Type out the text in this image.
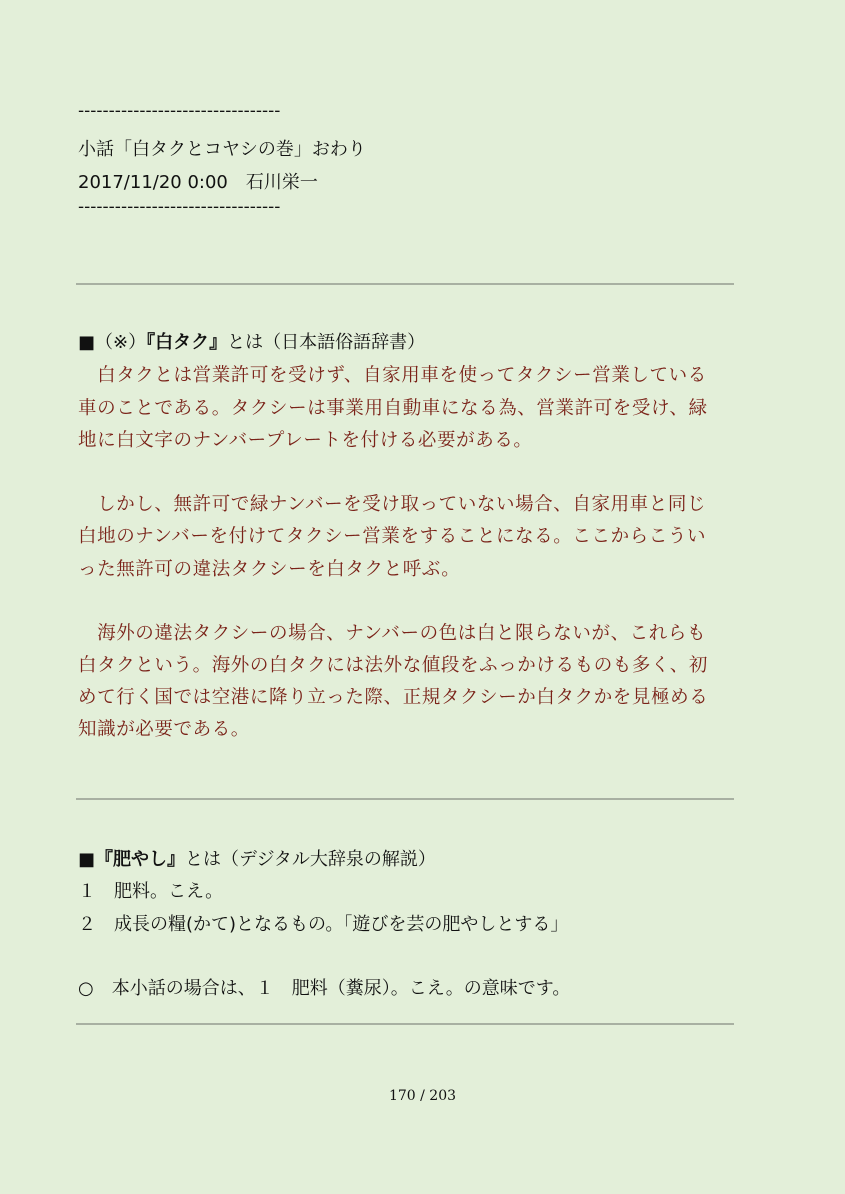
---------------------------------
小話「白タクとコヤシの巻」おわり
2017/11/20 0:00　石川栄一
---------------------------------
■（※）『白タク』とは（日本語俗語辞書）
　白タクとは営業許可を受けず、自家用車を使ってタクシー営業している
車のことである。タクシーは事業用自動車になる為、営業許可を受け、緑
地に白文字のナンバープレートを付ける必要がある。
　しかし、無許可で緑ナンバーを受け取っていない場合、自家用車と同じ
白地のナンバーを付けてタクシー営業をすることになる。ここからこうい
った無許可の違法タクシーを白タクと呼ぶ。
　海外の違法タクシーの場合、ナンバーの色は白と限らないが、これらも
白タクという。海外の白タクには法外な値段をふっかけるものも多く、初
めて行く国では空港に降り立った際、正規タクシーか白タクかを見極める
知識が必要である。
■『肥やし』とは（デジタル大辞泉の解説）
１　肥料。こえ。
２　成長の糧(かて)となるもの。「遊びを芸の肥やしとする」
○　本小話の場合は、１　肥料（糞尿）。こえ。の意味です。
170 / 203
